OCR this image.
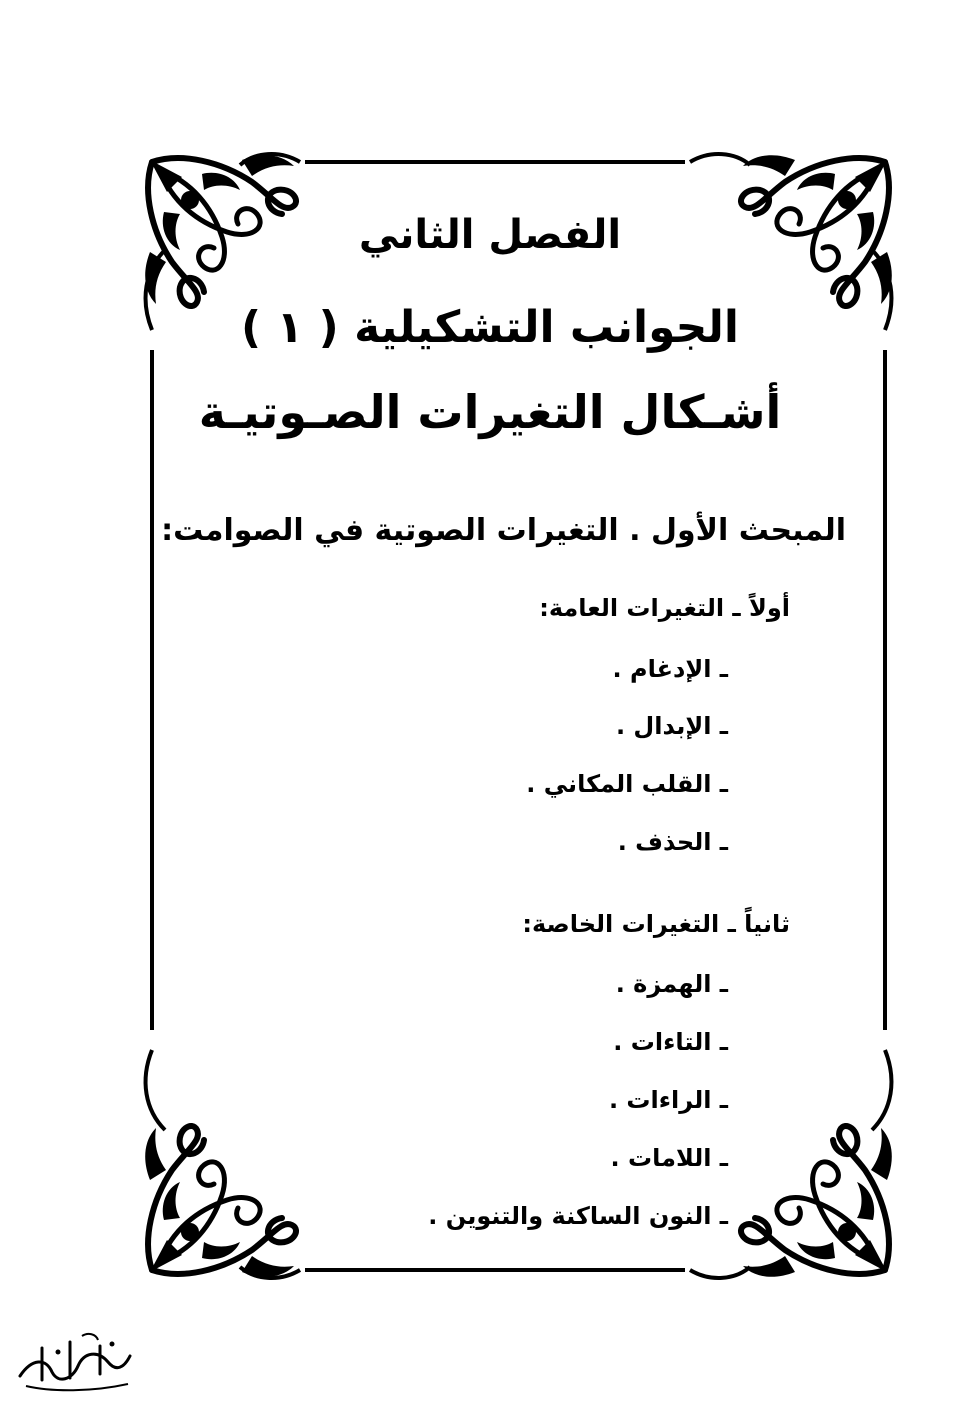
الفصل الثاني
الجوانب التشكيلية ( ١ )
أشـكال التغيرات الصـوتيـة
المبحث الأول . التغيرات الصوتية في الصوامت:
أولاً ـ التغيرات العامة:
ـ الإدغام .
ـ الإبدال .
ـ القلب المكاني .
ـ الحذف .
ثانياً ـ التغيرات الخاصة:
ـ الهمزة .
ـ التاءات .
ـ الراءات .
ـ اللامات .
ـ النون الساكنة والتنوين .
